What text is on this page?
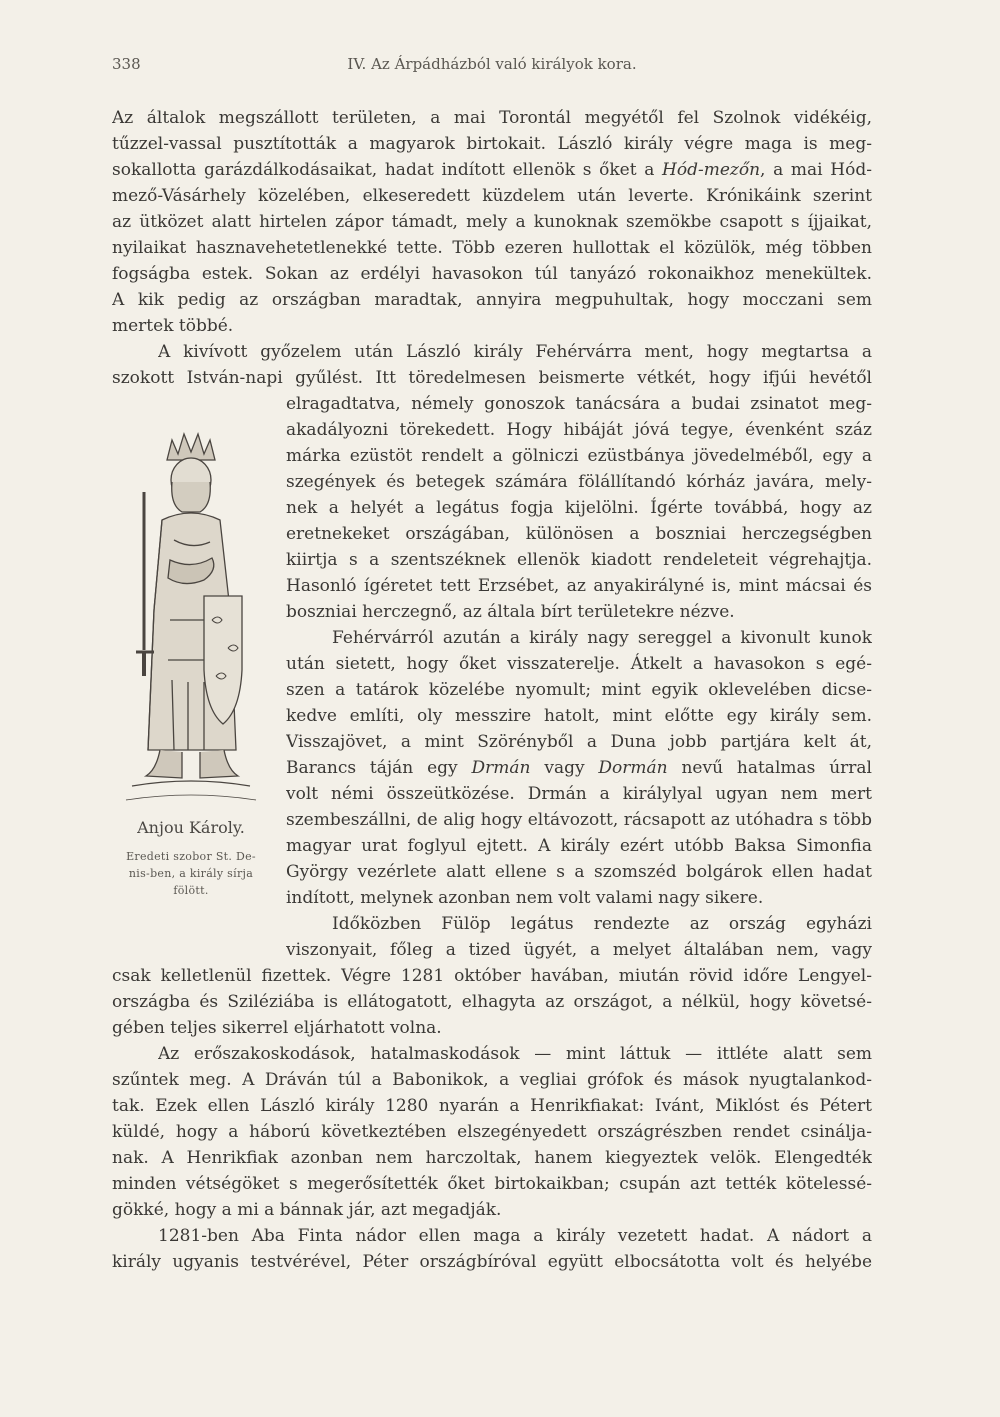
338	IV. Az Árpádházból való királyok kora.
Az általok megszállott területen, a mai Torontál megyétől fel Szolnok vidékéig,
tűzzel-vassal pusztították a magyarok birtokait. László király végre maga is meg-
sokallotta garázdálkodásaikat, hadat indított ellenök s őket a Hód-mezőn, a mai Hód-
mező-Vásárhely közelében, elkeseredett küzdelem után leverte. Krónikáink szerint
az ütközet alatt hirtelen zápor támadt, mely a kunoknak szemökbe csapott s íjjaikat,
nyilaikat hasznavehetetlenekké tette. Több ezeren hullottak el közülök, még többen
fogságba estek. Sokan az erdélyi havasokon túl tanyázó rokonaikhoz menekültek.
A kik pedig az országban maradtak, annyira megpuhultak, hogy mocczani sem
mertek többé.
A kivívott győzelem után László király Fehérvárra ment, hogy megtartsa a
szokott István-napi gyűlést. Itt töredelmesen beismerte vétkét, hogy ifjúi hevétől
elragadtatva, némely gonoszok tanácsára a budai zsinatot meg-
akadályozni törekedett. Hogy hibáját jóvá tegye, évenként száz
márka ezüstöt rendelt a gölniczi ezüstbánya jövedelméből, egy a
szegények és betegek számára fölállítandó kórház javára, mely-
nek a helyét a legátus fogja kijelölni. Ígérte továbbá, hogy az
eretnekeket országában, különösen a boszniai herczegségben
kiirtja s a szentszéknek ellenök kiadott rendeleteit végrehajtja.
Hasonló ígéretet tett Erzsébet, az anyakirályné is, mint mácsai és
boszniai herczegnő, az általa bírt területekre nézve.
Fehérvárról azután a király nagy sereggel a kivonult kunok
után sietett, hogy őket visszaterelje. Átkelt a havasokon s egé-
szen a tatárok közelébe nyomult; mint egyik oklevelében dicse-
kedve említi, oly messzire hatolt, mint előtte egy király sem.
Visszajövet, a mint Szörényből a Duna jobb partjára kelt át,
Barancs táján egy Drmán vagy Dormán nevű hatalmas úrral
volt némi összeütközése. Drmán a királylyal ugyan nem mert
szembeszállni, de alig hogy eltávozott, rácsapott az utóhadra s több
magyar urat foglyul ejtett. A király ezért utóbb Baksa Simonfia
György vezérlete alatt ellene s a szomszéd bolgárok ellen hadat
indított, melynek azonban nem volt valami nagy sikere.
Időközben Fülöp legátus rendezte az ország egyházi
viszonyait, főleg a tized ügyét, a melyet általában nem, vagy
csak kelletlenül fizettek. Végre 1281 október havában, miután rövid időre Lengyel-
országba és Sziléziába is ellátogatott, elhagyta az országot, a nélkül, hogy követsé-
gében teljes sikerrel eljárhatott volna.
Az erőszakoskodások, hatalmaskodások — mint láttuk — ittléte alatt sem
szűntek meg. A Dráván túl a Babonikok, a vegliai grófok és mások nyugtalankod-
tak. Ezek ellen László király 1280 nyarán a Henrikfiakat: Ivánt, Miklóst és Pétert
küldé, hogy a háború következtében elszegényedett országrészben rendet csinálja-
nak. A Henrikfiak azonban nem harczoltak, hanem kiegyeztek velök. Elengedték
minden vétségöket s megerősítették őket birtokaikban; csupán azt tették kötelessé-
gökké, hogy a mi a bánnak jár, azt megadják.
1281-ben Aba Finta nádor ellen maga a király vezetett hadat. A nádort a
király ugyanis testvérével, Péter országbíróval együtt elbocsátotta volt és helyébe
Anjou Károly.
Eredeti szobor St. De-
nis-ben, a király sírja
fölött.
